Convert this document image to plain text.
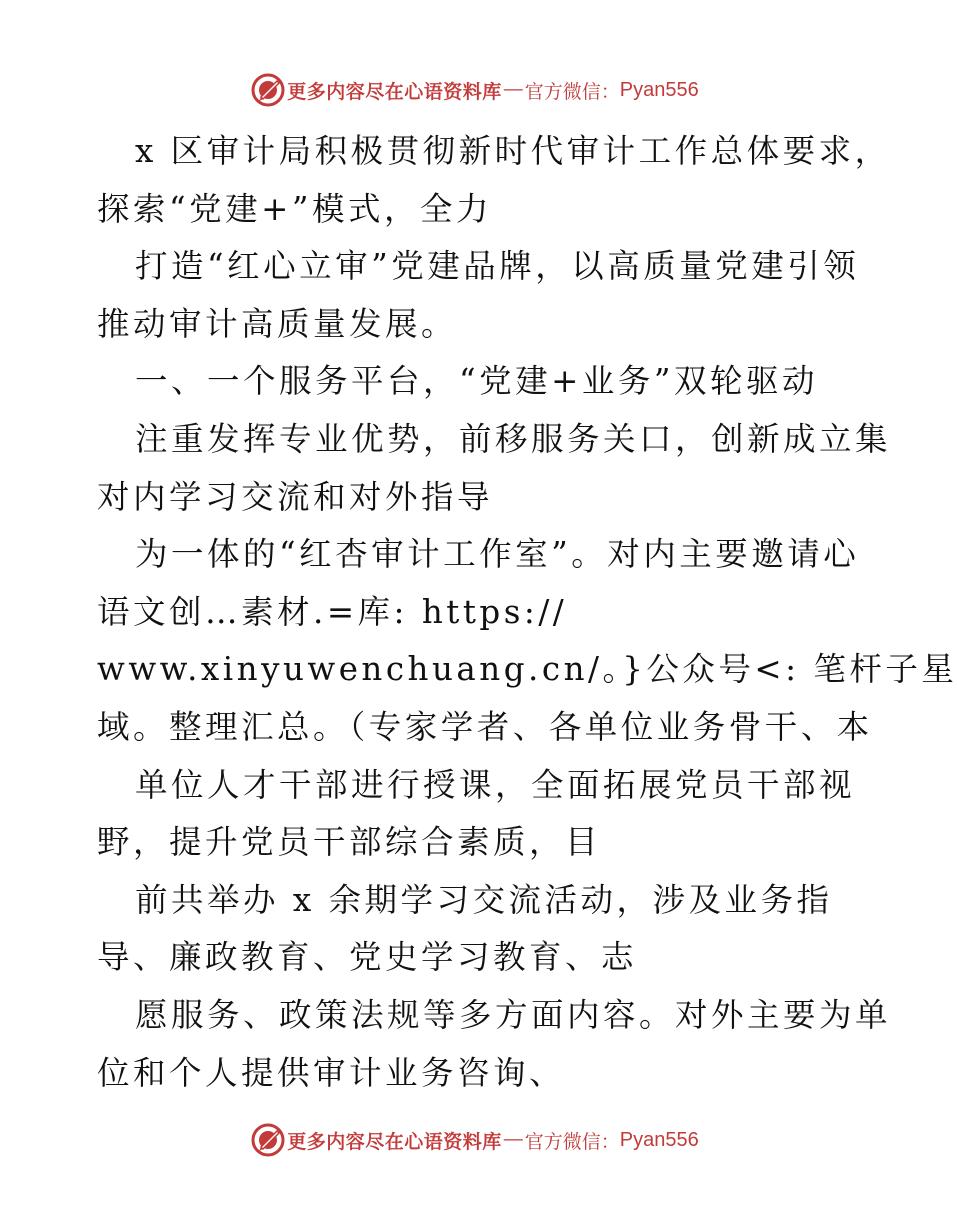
更多内容尽在心语资料库 — 官方微信： Pyan556
x 区审计局积极贯彻新时代审计工作总体要求，
探索“党建+”模式，全力
打造“红心立审”党建品牌，以高质量党建引领
推动审计高质量发展。
一、一个服务平台，“党建+业务”双轮驱动
注重发挥专业优势，前移服务关口，创新成立集
对内学习交流和对外指导
为一体的“红杏审计工作室”。对内主要邀请心
语文创…素材.=库: https://
www.xinyuwenchuang.cn/。}公众号<: 笔杆子星
域。整理汇总。（专家学者、各单位业务骨干、本
单位人才干部进行授课，全面拓展党员干部视
野，提升党员干部综合素质，目
前共举办 x 余期学习交流活动，涉及业务指
导、廉政教育、党史学习教育、志
愿服务、政策法规等多方面内容。对外主要为单
位和个人提供审计业务咨询、
更多内容尽在心语资料库 — 官方微信： Pyan556
